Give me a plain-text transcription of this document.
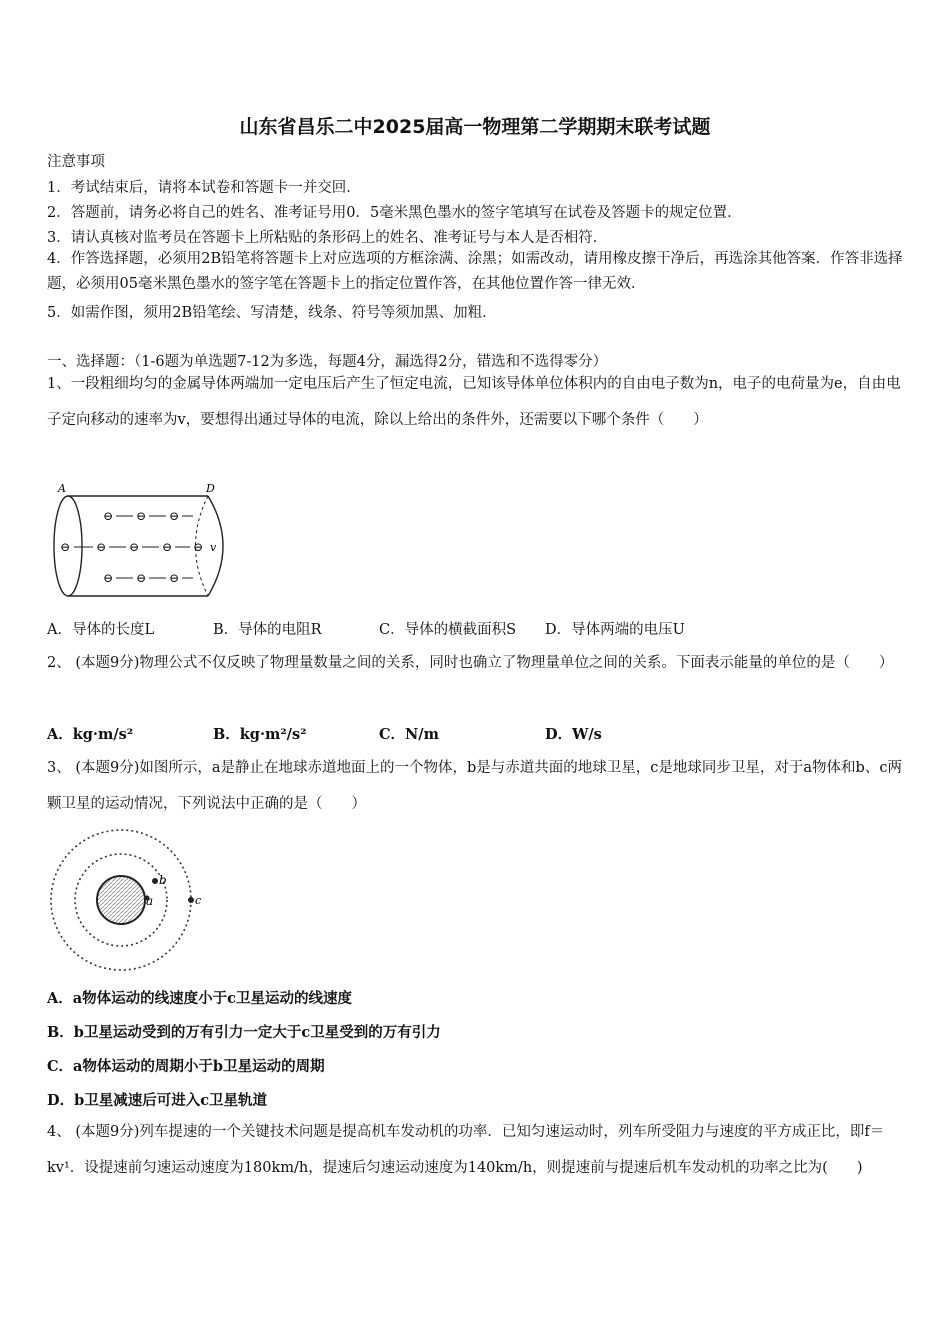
山东省昌乐二中2025届高一物理第二学期期末联考试题
注意事项
1．考试结束后，请将本试卷和答题卡一并交回．
2．答题前，请务必将自己的姓名、准考证号用0．5毫米黑色墨水的签字笔填写在试卷及答题卡的规定位置．
3．请认真核对监考员在答题卡上所粘贴的条形码上的姓名、准考证号与本人是否相符．
4．作答选择题，必须用2B铅笔将答题卡上对应选项的方框涂满、涂黑；如需改动，请用橡皮擦干净后，再选涂其他答案．作答非选择题，必须用05毫米黑色墨水的签字笔在答题卡上的指定位置作答，在其他位置作答一律无效．
5．如需作图，须用2B铅笔绘、写清楚，线条、符号等须加黑、加粗．
一、选择题：（1-6题为单选题7-12为多选，每题4分，漏选得2分，错选和不选得零分）
1、一段粗细均匀的金属导体两端加一定电压后产生了恒定电流，已知该导体单位体积内的自由电子数为n，电子的电荷量为e，自由电子定向移动的速率为v，要想得出通过导体的电流，除以上给出的条件外，还需要以下哪个条件（　　）
A	D
⊖ ⊖ ⊖
⊖ ⊖ ⊖ ⊖ ⊖ v
⊖ ⊖ ⊖
A．导体的长度L	B．导体的电阻R	C．导体的横截面积S D．导体两端的电压U
2、 (本题9分)物理公式不仅反映了物理量数量之间的关系，同时也确立了物理量单位之间的关系。下面表示能量的单位的是（　　）
A．kg·m/s²	B．kg·m²/s²	C．N/m	D．W/s
3、 (本题9分)如图所示，a是静止在地球赤道地面上的一个物体，b是与赤道共面的地球卫星，c是地球同步卫星，对于a物体和b、c两颗卫星的运动情况，下列说法中正确的是（　　）
b
a	c
A．a物体运动的线速度小于c卫星运动的线速度
B．b卫星运动受到的万有引力一定大于c卫星受到的万有引力
C．a物体运动的周期小于b卫星运动的周期
D．b卫星减速后可进入c卫星轨道
4、 (本题9分)列车提速的一个关键技术问题是提高机车发动机的功率．已知匀速运动时，列车所受阻力与速度的平方成正比，即f＝kv¹．设提速前匀速运动速度为180km/h，提速后匀速运动速度为140km/h，则提速前与提速后机车发动机的功率之比为(　　)
